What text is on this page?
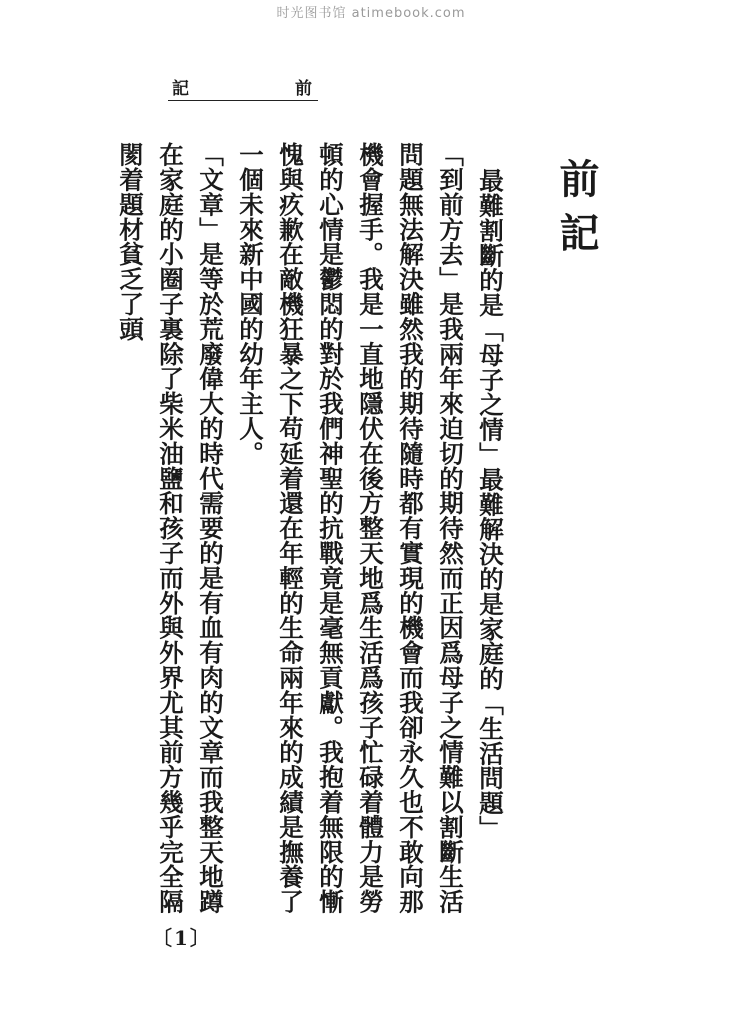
时光图书馆 atimebook.com
記	前
前記

最難割斷的是「母子之情」最難解決的是家庭的「生活問題」

「到前方去」是我兩年來迫切的期待然而正因爲母子之情難以割斷生活問題無法解決雖然我的期待隨時都有實現的機會而我卻永久也不敢向那機會握手。我是一直地隱伏在後方整天地爲生活爲孩子忙碌着體力是勞頓的心情是鬱悶的對於我們神聖的抗戰竟是毫無貢獻。我抱着無限的慚愧與疚歉在敵機狂暴之下苟延着還在年輕的生命兩年來的成績是撫養了一個未來新中國的幼年主人。

「文章」是等於荒廢偉大的時代需要的是有血有肉的文章而我整天地蹲在家庭的小圈子裏除了柴米油鹽和孩子而外與外界尤其前方幾乎完全隔閡着題材貧乏了頭

〔1〕
